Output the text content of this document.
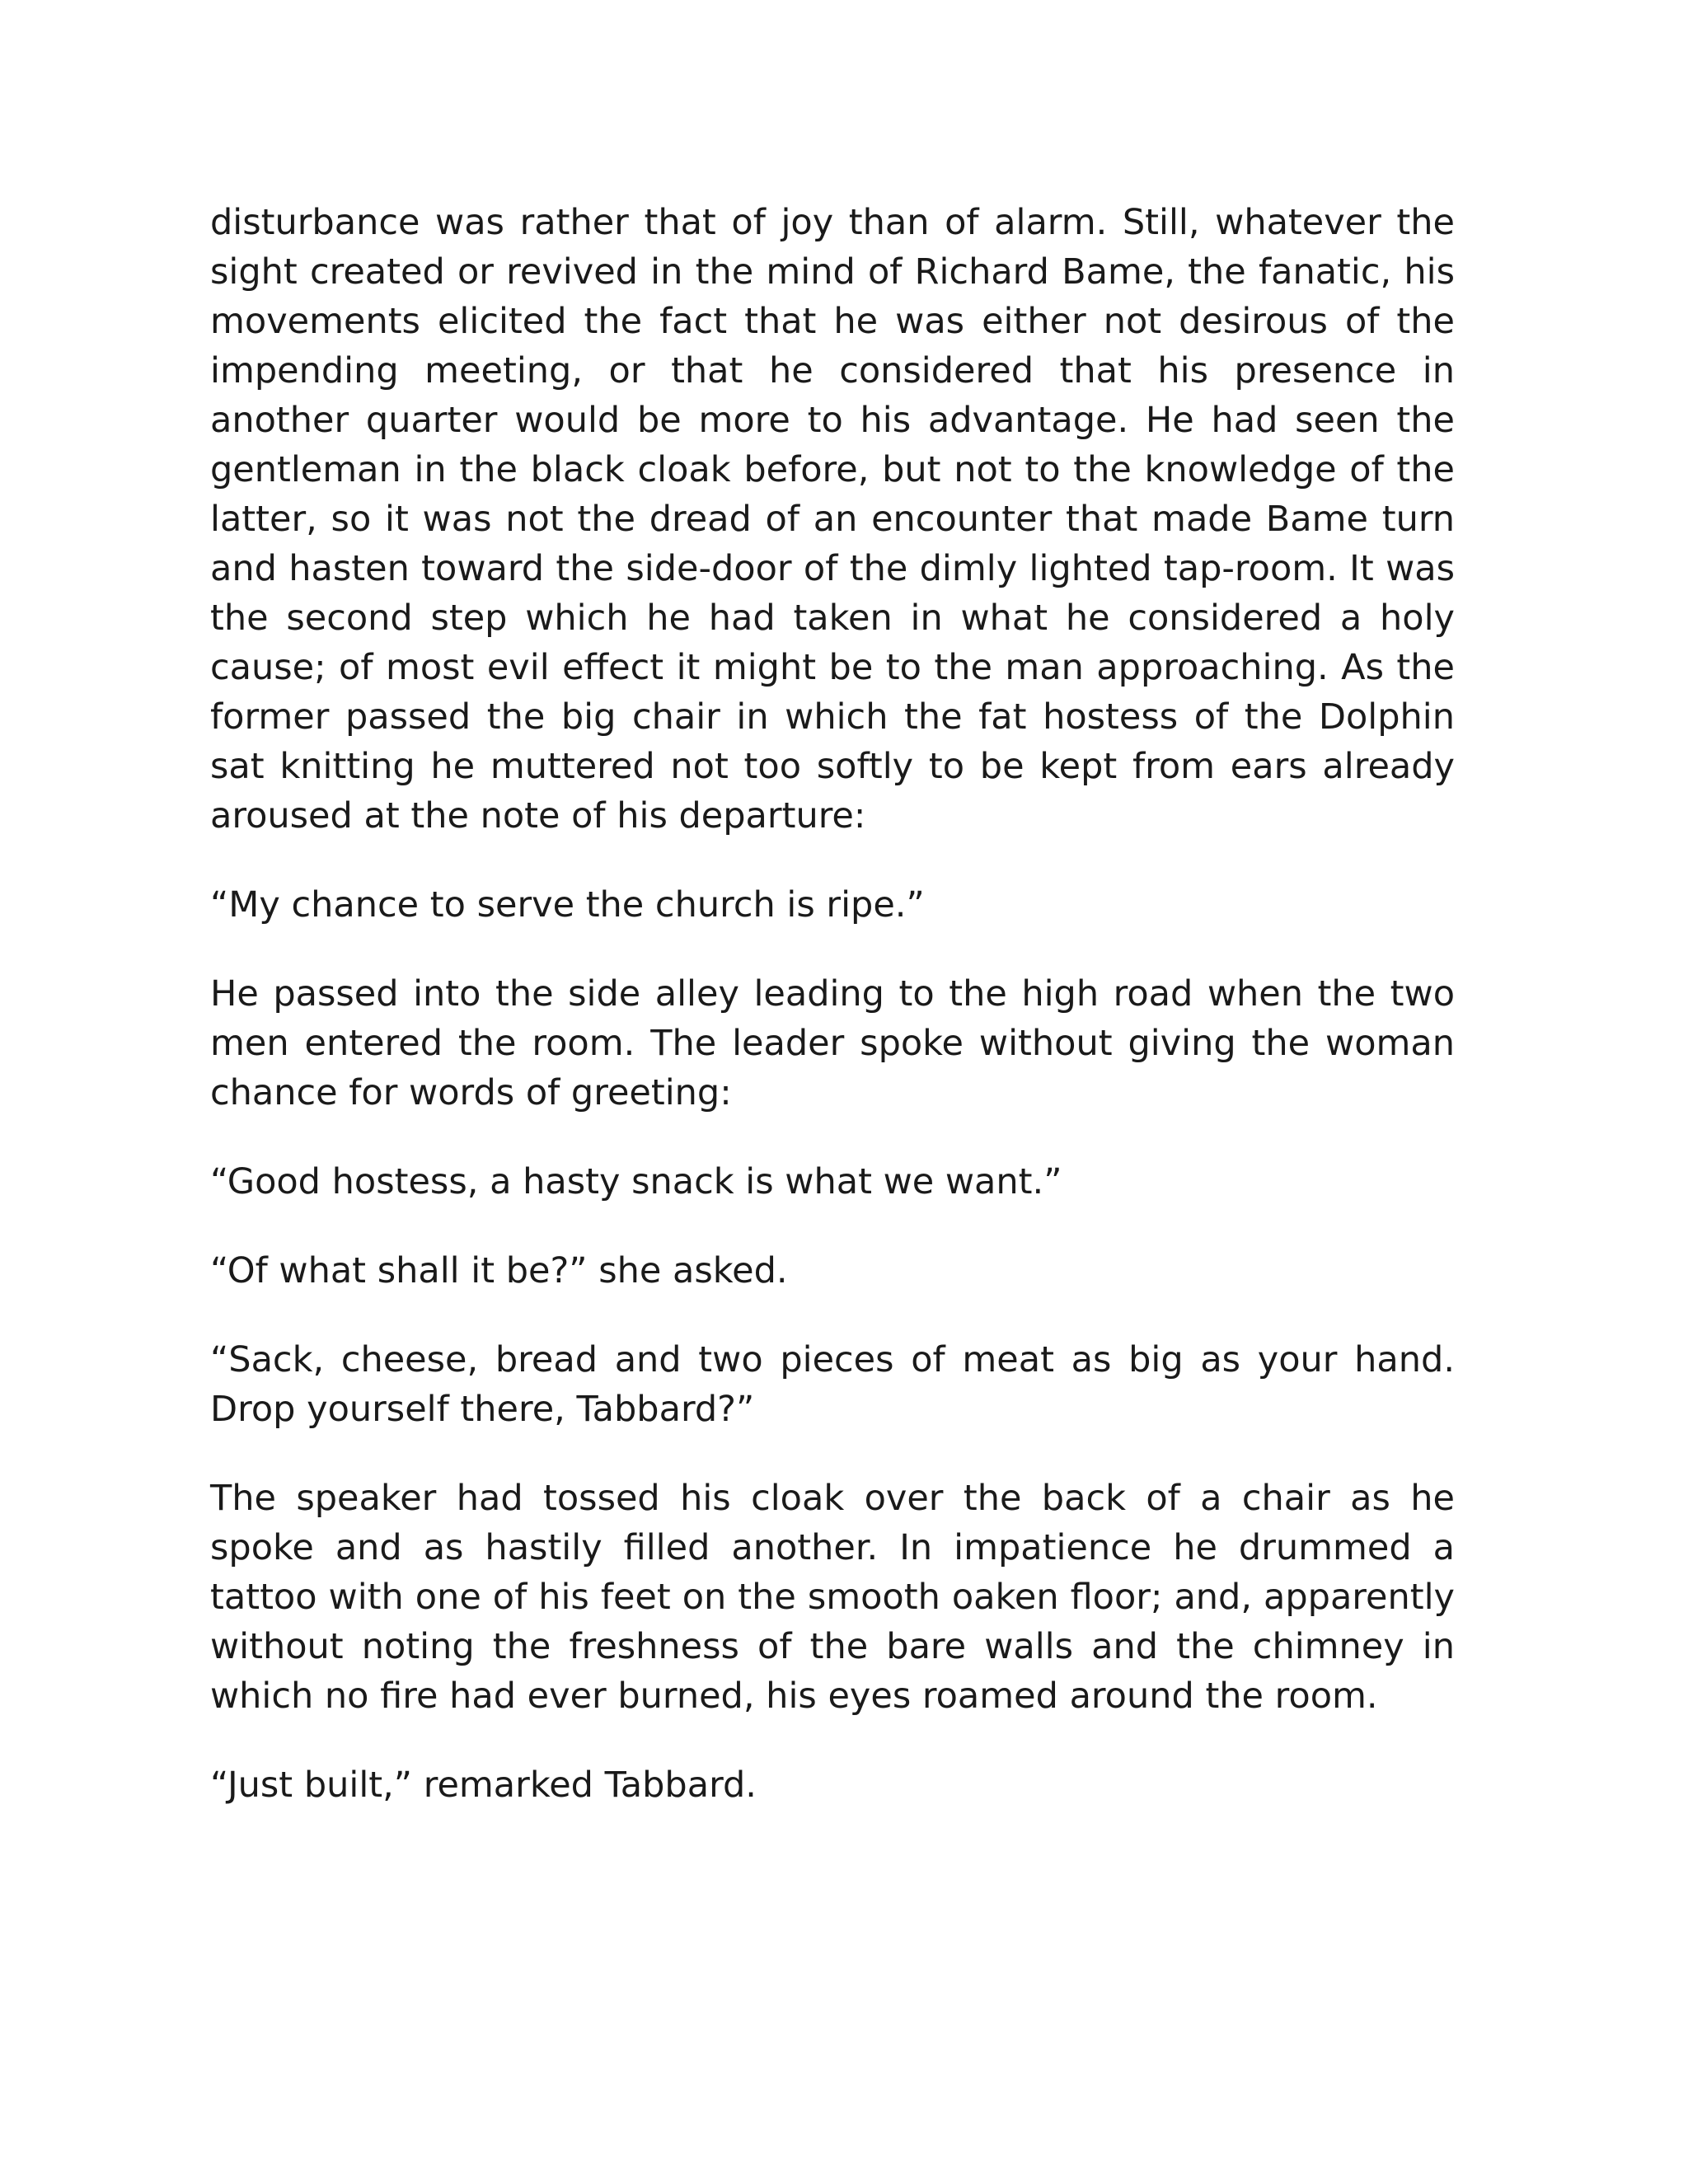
disturbance was rather that of joy than of alarm. Still, whatever the sight created or revived in the mind of Richard Bame, the fanatic, his movements elicited the fact that he was either not desirous of the impending meeting, or that he considered that his presence in another quarter would be more to his advantage. He had seen the gentleman in the black cloak before, but not to the knowledge of the latter, so it was not the dread of an encounter that made Bame turn and hasten toward the side-door of the dimly lighted tap-room. It was the second step which he had taken in what he considered a holy cause; of most evil effect it might be to the man approaching. As the former passed the big chair in which the fat hostess of the Dolphin sat knitting he muttered not too softly to be kept from ears already aroused at the note of his departure:

“My chance to serve the church is ripe.”

He passed into the side alley leading to the high road when the two men entered the room. The leader spoke without giving the woman chance for words of greeting:

“Good hostess, a hasty snack is what we want.”

“Of what shall it be?” she asked.

“Sack, cheese, bread and two pieces of meat as big as your hand. Drop yourself there, Tabbard?”

The speaker had tossed his cloak over the back of a chair as he spoke and as hastily filled another. In impatience he drummed a tattoo with one of his feet on the smooth oaken floor; and, apparently without noting the freshness of the bare walls and the chimney in which no fire had ever burned, his eyes roamed around the room.

“Just built,” remarked Tabbard.
